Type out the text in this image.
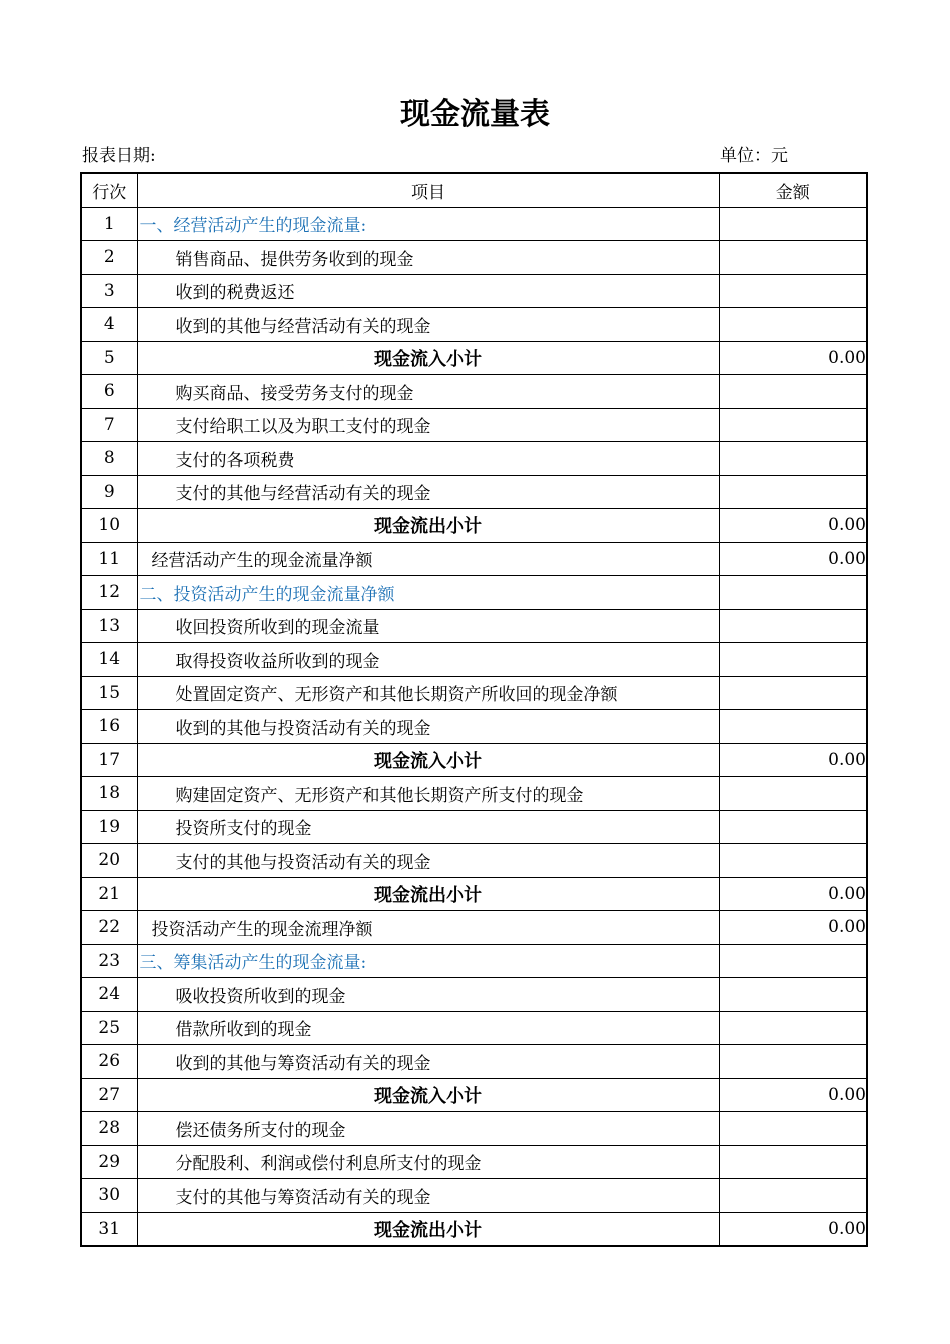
现金流量表
报表日期:	单位：元
行次	项目	金额
1	一、经营活动产生的现金流量:	
2	销售商品、提供劳务收到的现金	
3	收到的税费返还	
4	收到的其他与经营活动有关的现金	
5	现金流入小计	0.00
6	购买商品、接受劳务支付的现金	
7	支付给职工以及为职工支付的现金	
8	支付的各项税费	
9	支付的其他与经营活动有关的现金	
10	现金流出小计	0.00
11	经营活动产生的现金流量净额	0.00
12	二、投资活动产生的现金流量净额	
13	收回投资所收到的现金流量	
14	取得投资收益所收到的现金	
15	处置固定资产、无形资产和其他长期资产所收回的现金净额	
16	收到的其他与投资活动有关的现金	
17	现金流入小计	0.00
18	购建固定资产、无形资产和其他长期资产所支付的现金	
19	投资所支付的现金	
20	支付的其他与投资活动有关的现金	
21	现金流出小计	0.00
22	投资活动产生的现金流理净额	0.00
23	三、筹集活动产生的现金流量:	
24	吸收投资所收到的现金	
25	借款所收到的现金	
26	收到的其他与筹资活动有关的现金	
27	现金流入小计	0.00
28	偿还债务所支付的现金	
29	分配股利、利润或偿付利息所支付的现金	
30	支付的其他与筹资活动有关的现金	
31	现金流出小计	0.00
